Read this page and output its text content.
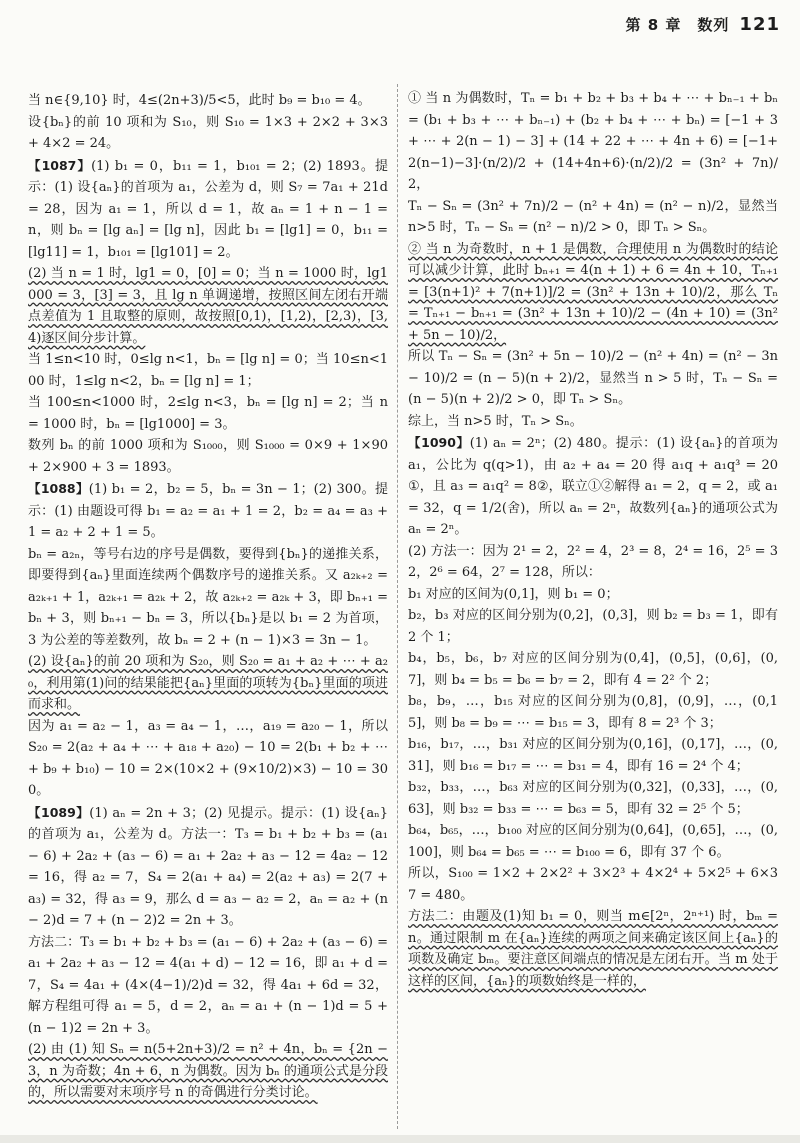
第 8 章　数列 121

当 n∈{9,10} 时，4≤(2n+3)/5<5，此时 b₉ = b₁₀ = 4。

设{bₙ}的前 10 项和为 S₁₀，则 S₁₀ = 1×3 + 2×2 + 3×3 + 4×2 = 24。

【1087】(1) b₁ = 0，b₁₁ = 1，b₁₀₁ = 2；(2) 1893。提示：(1) 设{aₙ}的首项为 a₁，公差为 d，则 S₇ = 7a₁ + 21d = 28，因为 a₁ = 1，所以 d = 1，故 aₙ = 1 + n − 1 = n，则 bₙ = [lg aₙ] = [lg n]，因此 b₁ = [lg1] = 0，b₁₁ = [lg11] = 1，b₁₀₁ = [lg101] = 2。

(2) 当 n = 1 时，lg1 = 0，[0] = 0；当 n = 1000 时，lg1000 = 3，[3] = 3，且 lg n 单调递增，按照区间左闭右开端点差值为 1 且取整的原则，故按照[0,1)，[1,2)，[2,3)，[3,4)逐区间分步计算。

当 1≤n<10 时，0≤lg n<1，bₙ = [lg n] = 0；当 10≤n<100 时，1≤lg n<2，bₙ = [lg n] = 1；

当 100≤n<1000 时，2≤lg n<3，bₙ = [lg n] = 2；当 n = 1000 时，bₙ = [lg1000] = 3。

数列 bₙ 的前 1000 项和为 S₁₀₀₀，则 S₁₀₀₀ = 0×9 + 1×90 + 2×900 + 3 = 1893。

【1088】(1) b₁ = 2，b₂ = 5，bₙ = 3n − 1；(2) 300。提示：(1) 由题设可得 b₁ = a₂ = a₁ + 1 = 2，b₂ = a₄ = a₃ + 1 = a₂ + 2 + 1 = 5。

bₙ = a₂ₙ，等号右边的序号是偶数，要得到{bₙ}的递推关系，即要得到{aₙ}里面连续两个偶数序号的递推关系。又 a₂ₖ₊₂ = a₂ₖ₊₁ + 1，a₂ₖ₊₁ = a₂ₖ + 2，故 a₂ₖ₊₂ = a₂ₖ + 3，即 bₙ₊₁ = bₙ + 3，则 bₙ₊₁ − bₙ = 3，所以{bₙ}是以 b₁ = 2 为首项，3 为公差的等差数列，故 bₙ = 2 + (n − 1)×3 = 3n − 1。

(2) 设{aₙ}的前 20 项和为 S₂₀，则 S₂₀ = a₁ + a₂ + ⋯ + a₂₀，利用第(1)问的结果能把{aₙ}里面的项转为{bₙ}里面的项进而求和。

因为 a₁ = a₂ − 1，a₃ = a₄ − 1，…，a₁₉ = a₂₀ − 1，所以 S₂₀ = 2(a₂ + a₄ + ⋯ + a₁₈ + a₂₀) − 10 = 2(b₁ + b₂ + ⋯ + b₉ + b₁₀) − 10 = 2×(10×2 + (9×10/2)×3) − 10 = 300。

【1089】(1) aₙ = 2n + 3；(2) 见提示。提示：(1) 设{aₙ}的首项为 a₁，公差为 d。方法一：T₃ = b₁ + b₂ + b₃ = (a₁ − 6) + 2a₂ + (a₃ − 6) = a₁ + 2a₂ + a₃ − 12 = 4a₂ − 12 = 16，得 a₂ = 7，S₄ = 2(a₁ + a₄) = 2(a₂ + a₃) = 2(7 + a₃) = 32，得 a₃ = 9，那么 d = a₃ − a₂ = 2，aₙ = a₂ + (n − 2)d = 7 + (n − 2)2 = 2n + 3。

方法二：T₃ = b₁ + b₂ + b₃ = (a₁ − 6) + 2a₂ + (a₃ − 6) = a₁ + 2a₂ + a₃ − 12 = 4(a₁ + d) − 12 = 16，即 a₁ + d = 7，S₄ = 4a₁ + (4×(4−1)/2)d = 32，得 4a₁ + 6d = 32，解方程组可得 a₁ = 5，d = 2，aₙ = a₁ + (n − 1)d = 5 + (n − 1)2 = 2n + 3。

(2) 由 (1) 知 Sₙ = n(5+2n+3)/2 = n² + 4n，bₙ = {2n − 3，n 为奇数；4n + 6，n 为偶数。因为 bₙ 的通项公式是分段的，所以需要对末项序号 n 的奇偶进行分类讨论。

① 当 n 为偶数时，Tₙ = b₁ + b₂ + b₃ + b₄ + ⋯ + bₙ₋₁ + bₙ = (b₁ + b₃ + ⋯ + bₙ₋₁) + (b₂ + b₄ + ⋯ + bₙ) = [−1 + 3 + ⋯ + 2(n − 1) − 3] + (14 + 22 + ⋯ + 4n + 6) = [−1+2(n−1)−3]·(n/2)/2 + (14+4n+6)·(n/2)/2 = (3n² + 7n)/2，

Tₙ − Sₙ = (3n² + 7n)/2 − (n² + 4n) = (n² − n)/2，显然当 n>5 时，Tₙ − Sₙ = (n² − n)/2 > 0，即 Tₙ > Sₙ。

② 当 n 为奇数时，n + 1 是偶数，合理使用 n 为偶数时的结论可以减少计算，此时 bₙ₊₁ = 4(n + 1) + 6 = 4n + 10，Tₙ₊₁ = [3(n+1)² + 7(n+1)]/2 = (3n² + 13n + 10)/2，那么 Tₙ = Tₙ₊₁ − bₙ₊₁ = (3n² + 13n + 10)/2 − (4n + 10) = (3n² + 5n − 10)/2，

所以 Tₙ − Sₙ = (3n² + 5n − 10)/2 − (n² + 4n) = (n² − 3n − 10)/2 = (n − 5)(n + 2)/2，显然当 n > 5 时，Tₙ − Sₙ = (n − 5)(n + 2)/2 > 0，即 Tₙ > Sₙ。

综上，当 n>5 时，Tₙ > Sₙ。

【1090】(1) aₙ = 2ⁿ；(2) 480。提示：(1) 设{aₙ}的首项为 a₁，公比为 q(q>1)，由 a₂ + a₄ = 20 得 a₁q + a₁q³ = 20①，且 a₃ = a₁q² = 8②，联立①②解得 a₁ = 2，q = 2，或 a₁ = 32，q = 1/2(舍)，所以 aₙ = 2ⁿ，故数列{aₙ}的通项公式为 aₙ = 2ⁿ。

(2) 方法一：因为 2¹ = 2，2² = 4，2³ = 8，2⁴ = 16，2⁵ = 32，2⁶ = 64，2⁷ = 128，所以：

b₁ 对应的区间为(0,1]，则 b₁ = 0；

b₂，b₃ 对应的区间分别为(0,2]，(0,3]，则 b₂ = b₃ = 1，即有 2 个 1；

b₄，b₅，b₆，b₇ 对应的区间分别为(0,4]，(0,5]，(0,6]，(0,7]，则 b₄ = b₅ = b₆ = b₇ = 2，即有 4 = 2² 个 2；

b₈，b₉，…，b₁₅ 对应的区间分别为(0,8]，(0,9]，…，(0,15]，则 b₈ = b₉ = ⋯ = b₁₅ = 3，即有 8 = 2³ 个 3；

b₁₆，b₁₇，…，b₃₁ 对应的区间分别为(0,16]，(0,17]，…，(0,31]，则 b₁₆ = b₁₇ = ⋯ = b₃₁ = 4，即有 16 = 2⁴ 个 4；

b₃₂，b₃₃，…，b₆₃ 对应的区间分别为(0,32]，(0,33]，…，(0,63]，则 b₃₂ = b₃₃ = ⋯ = b₆₃ = 5，即有 32 = 2⁵ 个 5；

b₆₄，b₆₅，…，b₁₀₀ 对应的区间分别为(0,64]，(0,65]，…，(0,100]，则 b₆₄ = b₆₅ = ⋯ = b₁₀₀ = 6，即有 37 个 6。

所以，S₁₀₀ = 1×2 + 2×2² + 3×2³ + 4×2⁴ + 5×2⁵ + 6×37 = 480。

方法二：由题及(1)知 b₁ = 0，则当 m∈[2ⁿ，2ⁿ⁺¹) 时，bₘ = n。通过限制 m 在{aₙ}连续的两项之间来确定该区间上{aₙ}的项数及确定 bₘ。要注意区间端点的情况是左闭右开。当 m 处于这样的区间，{aₙ}的项数始终是一样的，
